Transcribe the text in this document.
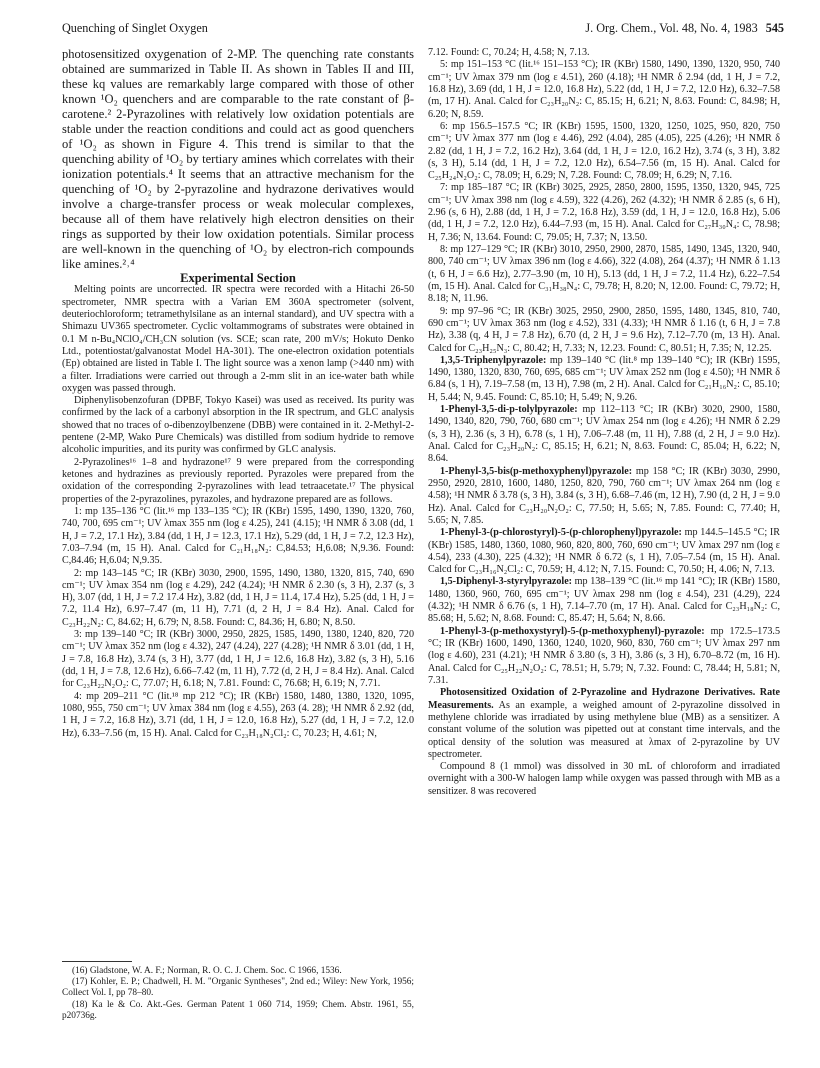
Quenching of Singlet Oxygen	J. Org. Chem., Vol. 48, No. 4, 1983 545

photosensitized oxygenation of 2-MP. The quenching rate constants obtained are summarized in Table II. As shown in Tables II and III, these kq values are remarkably large compared with those of other known ¹O₂ quenchers and are comparable to the rate constant of β-carotene.² 2-Pyrazolines with relatively low oxidation potentials are stable under the reaction conditions and could act as good quenchers of ¹O₂ as shown in Figure 4. This trend is similar to that the quenching ability of ¹O₂ by tertiary amines which correlates with their ionization potentials.⁴ It seems that an attractive mechanism for the quenching of ¹O₂ by 2-pyrazoline and hydrazone derivatives would involve a charge-transfer process or weak molecular complexes, because all of them have relatively high electron densities on their rings as supported by their low oxidation potentials. Similar process are well-known in the quenching of ¹O₂ by electron-rich compounds like amines.²˒⁴

Experimental Section

Melting points are uncorrected. IR spectra were recorded with a Hitachi 26-50 spectrometer, NMR spectra with a Varian EM 360A spectrometer (solvent, deuteriochloroform; tetramethylsilane as an internal standard), and UV spectra with a Shimazu UV365 spectrometer. Cyclic voltammograms of substrates were obtained in 0.1 M n-Bu₄NClO₄/CH₃CN solution (vs. SCE; scan rate, 200 mV/s; Hokuto Denko Ltd., potentiostat/galvanostat Model HA-301). The one-electron oxidation potentials (Ep) obtained are listed in Table I. The light source was a xenon lamp (>440 nm) with a filter. Irradiations were carried out through a 2-mm slit in an ice-water bath while oxygen was passed through.

Diphenylisobenzofuran (DPBF, Tokyo Kasei) was used as received. Its purity was confirmed by the lack of a carbonyl absorption in the IR spectrum, and GLC analysis showed that no traces of o-dibenzoylbenzene (DBB) were contained in it. 2-Methyl-2-pentene (2-MP, Wako Pure Chemicals) was distilled from sodium hydride to remove alcoholic impurities, and its purity was confirmed by GLC analysis.

2-Pyrazolines¹⁶ 1–8 and hydrazone¹⁷ 9 were prepared from the corresponding ketones and hydrazines as previously reported. Pyrazoles were prepared from the oxidation of the corresponding 2-pyrazolines with lead tetraacetate.¹⁷ The physical properties of the 2-pyrazolines, pyrazoles, and hydrazone prepared are as follows.

1: mp 135–136 °C (lit.¹⁶ mp 133–135 °C); IR (KBr) 1595, 1490, 1390, 1320, 760, 740, 700, 695 cm⁻¹; UV λmax 355 nm (log ε 4.25), 241 (4.15); ¹H NMR δ 3.08 (dd, 1 H, J = 7.2, 17.1 Hz), 3.84 (dd, 1 H, J = 12.3, 17.1 Hz), 5.29 (dd, 1 H, J = 7.2, 12.3 Hz), 7.03–7.94 (m, 15 H). Anal. Calcd for C₂₁H₁₈N₂: C,84.53; H,6.08; N,9.36. Found: C,84.46; H,6.04; N,9.35.

2: mp 143–145 °C; IR (KBr) 3030, 2900, 1595, 1490, 1380, 1320, 815, 740, 690 cm⁻¹; UV λmax 354 nm (log ε 4.29), 242 (4.24); ¹H NMR δ 2.30 (s, 3 H), 2.37 (s, 3 H), 3.07 (dd, 1 H, J = 7.2 17.4 Hz), 3.82 (dd, 1 H, J = 11.4, 17.4 Hz), 5.25 (dd, 1 H, J = 7.2, 11.4 Hz), 6.97–7.47 (m, 11 H), 7.71 (d, 2 H, J = 8.4 Hz). Anal. Calcd for C₂₃H₂₂N₂: C, 84.62; H, 6.79; N, 8.58. Found: C, 84.36; H, 6.80; N, 8.50.

3: mp 139–140 °C; IR (KBr) 3000, 2950, 2825, 1585, 1490, 1380, 1240, 820, 720 cm⁻¹; UV λmax 352 nm (log ε 4.32), 247 (4.24), 227 (4.28); ¹H NMR δ 3.01 (dd, 1 H, J = 7.8, 16.8 Hz), 3.74 (s, 3 H), 3.77 (dd, 1 H, J = 12.6, 16.8 Hz), 3.82 (s, 3 H), 5.16 (dd, 1 H, J = 7.8, 12.6 Hz), 6.66–7.42 (m, 11 H), 7.72 (d, 2 H, J = 8.4 Hz). Anal. Calcd for C₂₃H₂₂N₂O₂: C, 77.07; H, 6.18; N, 7.81. Found: C, 76.68; H, 6.19; N, 7.71.

4: mp 209–211 °C (lit.¹⁸ mp 212 °C); IR (KBr) 1580, 1480, 1380, 1320, 1095, 1080, 955, 750 cm⁻¹; UV λmax 384 nm (log ε 4.55), 263 (4. 28); ¹H NMR δ 2.92 (dd, 1 H, J = 7.2, 16.8 Hz), 3.71 (dd, 1 H, J = 12.0, 16.8 Hz), 5.27 (dd, 1 H, J = 7.2, 12.0 Hz), 6.33–7.56 (m, 15 H). Anal. Calcd for C₂₃H₁₈N₂Cl₂: C, 70.23; H, 4.61; N,

7.12. Found: C, 70.24; H, 4.58; N, 7.13.

5: mp 151–153 °C (lit.¹⁶ 151–153 °C); IR (KBr) 1580, 1490, 1390, 1320, 950, 740 cm⁻¹; UV λmax 379 nm (log ε 4.51), 260 (4.18); ¹H NMR δ 2.94 (dd, 1 H, J = 7.2, 16.8 Hz), 3.69 (dd, 1 H, J = 12.0, 16.8 Hz), 5.22 (dd, 1 H, J = 7.2, 12.0 Hz), 6.32–7.58 (m, 17 H). Anal. Calcd for C₂₃H₂₀N₂: C, 85.15; H, 6.21; N, 8.63. Found: C, 84.98; H, 6.20; N, 8.59.

6: mp 156.5–157.5 °C; IR (KBr) 1595, 1500, 1320, 1250, 1025, 950, 820, 750 cm⁻¹; UV λmax 377 nm (log ε 4.46), 292 (4.04), 285 (4.05), 225 (4.26); ¹H NMR δ 2.82 (dd, 1 H, J = 7.2, 16.2 Hz), 3.64 (dd, 1 H, J = 12.0, 16.2 Hz), 3.74 (s, 3 H), 3.82 (s, 3 H), 5.14 (dd, 1 H, J = 7.2, 12.0 Hz), 6.54–7.56 (m, 15 H). Anal. Calcd for C₂₅H₂₄N₂O₂: C, 78.09; H, 6.29; N, 7.28. Found: C, 78.09; H, 6.29; N, 7.16.

7: mp 185–187 °C; IR (KBr) 3025, 2925, 2850, 2800, 1595, 1350, 1320, 945, 725 cm⁻¹; UV λmax 398 nm (log ε 4.59), 322 (4.26), 262 (4.32); ¹H NMR δ 2.85 (s, 6 H), 2.96 (s, 6 H), 2.88 (dd, 1 H, J = 7.2, 16.8 Hz), 3.59 (dd, 1 H, J = 12.0, 16.8 Hz), 5.06 (dd, 1 H, J = 7.2, 12.0 Hz), 6.44–7.93 (m, 15 H). Anal. Calcd for C₂₇H₃₀N₄: C, 78.98; H, 7.36; N, 13.64. Found: C, 79.05; H, 7.37; N, 13.50.

8: mp 127–129 °C; IR (KBr) 3010, 2950, 2900, 2870, 1585, 1490, 1345, 1320, 940, 800, 740 cm⁻¹; UV λmax 396 nm (log ε 4.66), 322 (4.08), 264 (4.37); ¹H NMR δ 1.13 (t, 6 H, J = 6.6 Hz), 2.77–3.90 (m, 10 H), 5.13 (dd, 1 H, J = 7.2, 11.4 Hz), 6.22–7.54 (m, 15 H). Anal. Calcd for C₃₁H₃₈N₄: C, 79.78; H, 8.20; N, 12.00. Found: C, 79.72; H, 8.18; N, 11.96.

9: mp 97–96 °C; IR (KBr) 3025, 2950, 2900, 2850, 1595, 1480, 1345, 810, 740, 690 cm⁻¹; UV λmax 363 nm (log ε 4.52), 331 (4.33); ¹H NMR δ 1.16 (t, 6 H, J = 7.8 Hz), 3.38 (q, 4 H, J = 7.8 Hz), 6.70 (d, 2 H, J = 9.6 Hz), 7.12–7.70 (m, 13 H). Anal. Calcd for C₂₃H₂₅N₃: C, 80.42; H, 7.33; N, 12.23. Found: C, 80.51; H, 7.35; N, 12.25.

1,3,5-Triphenylpyrazole: mp 139–140 °C (lit.⁸ mp 139–140 °C); IR (KBr) 1595, 1490, 1380, 1320, 830, 760, 695, 685 cm⁻¹; UV λmax 252 nm (log ε 4.50); ¹H NMR δ 6.84 (s, 1 H), 7.19–7.58 (m, 13 H), 7.98 (m, 2 H). Anal. Calcd for C₂₁H₁₆N₂: C, 85.10; H, 5.44; N, 9.45. Found: C, 85.10; H, 5.49; N, 9.26.

1-Phenyl-3,5-di-p-tolylpyrazole: mp 112–113 °C; IR (KBr) 3020, 2900, 1580, 1490, 1340, 820, 790, 760, 680 cm⁻¹; UV λmax 254 nm (log ε 4.26); ¹H NMR δ 2.29 (s, 3 H), 2.36 (s, 3 H), 6.78 (s, 1 H), 7.06–7.48 (m, 11 H), 7.88 (d, 2 H, J = 9.0 Hz). Anal. Calcd for C₂₃H₂₀N₂: C, 85.15; H, 6.21; N, 8.63. Found: C, 85.04; H, 6.22; N, 8.64.

1-Phenyl-3,5-bis(p-methoxyphenyl)pyrazole: mp 158 °C; IR (KBr) 3030, 2990, 2950, 2920, 2810, 1600, 1480, 1250, 820, 790, 760 cm⁻¹; UV λmax 264 nm (log ε 4.58); ¹H NMR δ 3.78 (s, 3 H), 3.84 (s, 3 H), 6.68–7.46 (m, 12 H), 7.90 (d, 2 H, J = 9.0 Hz). Anal. Calcd for C₂₃H₂₀N₂O₂: C, 77.50; H, 5.65; N, 7.85. Found: C, 77.40; H, 5.65; N, 7.85.

1-Phenyl-3-(p-chlorostyryl)-5-(p-chlorophenyl)pyrazole: mp 144.5–145.5 °C; IR (KBr) 1585, 1480, 1360, 1080, 960, 820, 800, 760, 690 cm⁻¹; UV λmax 297 nm (log ε 4.54), 233 (4.30), 225 (4.32); ¹H NMR δ 6.72 (s, 1 H), 7.05–7.54 (m, 15 H). Anal. Calcd for C₂₃H₁₆N₂Cl₂: C, 70.59; H, 4.12; N, 7.15. Found: C, 70.50; H, 4.06; N, 7.13.

1,5-Diphenyl-3-styrylpyrazole: mp 138–139 °C (lit.¹⁶ mp 141 °C); IR (KBr) 1580, 1480, 1360, 960, 760, 695 cm⁻¹; UV λmax 298 nm (log ε 4.54), 231 (4.29), 224 (4.32); ¹H NMR δ 6.76 (s, 1 H), 7.14–7.70 (m, 17 H). Anal. Calcd for C₂₃H₁₈N₂: C, 85.68; H, 5.62; N, 8.68. Found: C, 85.47; H, 5.64; N, 8.66.

1-Phenyl-3-(p-methoxystyryl)-5-(p-methoxyphenyl)-pyrazole: mp 172.5–173.5 °C; IR (KBr) 1600, 1490, 1360, 1240, 1020, 960, 830, 760 cm⁻¹; UV λmax 297 nm (log ε 4.60), 231 (4.21); ¹H NMR δ 3.80 (s, 3 H), 3.86 (s, 3 H), 6.70–8.72 (m, 16 H). Anal. Calcd for C₂₅H₂₂N₂O₂: C, 78.51; H, 5.79; N, 7.32. Found: C, 78.44; H, 5.81; N, 7.31.

Photosensitized Oxidation of 2-Pyrazoline and Hydrazone Derivatives. Rate Measurements. As an example, a weighed amount of 2-pyrazoline dissolved in methylene chloride was irradiated by using methylene blue (MB) as a sensitizer. A constant volume of the solution was pipetted out at constant time intervals, and the optical density of the solution was measured at λmax of 2-pyrazoline by UV spectrometer.

Compound 8 (1 mmol) was dissolved in 30 mL of chloroform and irradiated overnight with a 300-W halogen lamp while oxygen was passed through with MB as a sensitizer. 8 was recovered

(16) Gladstone, W. A. F.; Norman, R. O. C. J. Chem. Soc. C 1966, 1536.

(17) Kohler, E. P.; Chadwell, H. M. "Organic Syntheses", 2nd ed.; Wiley: New York, 1956; Collect Vol. I, pp 78–80.

(18) Ka le & Co. Akt.-Ges. German Patent 1 060 714, 1959; Chem. Abstr. 1961, 55, p20736g.
